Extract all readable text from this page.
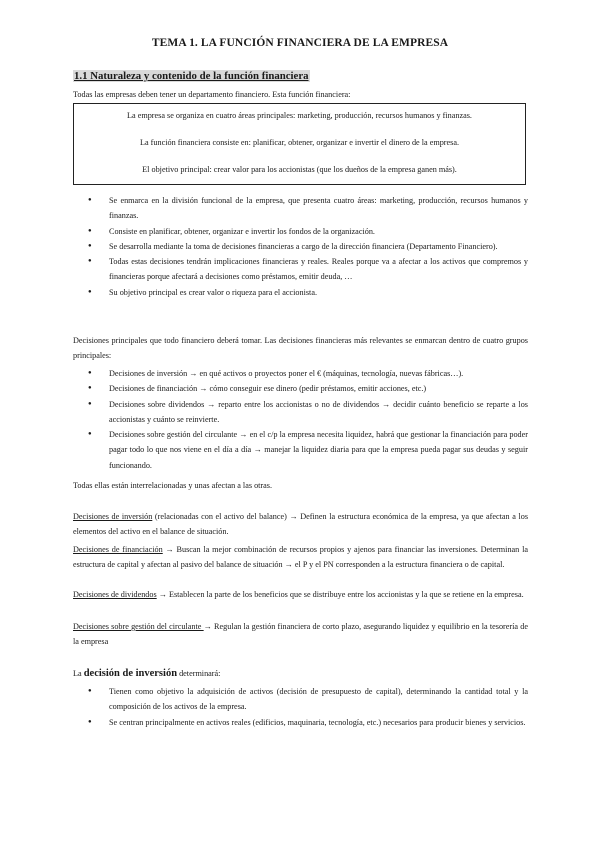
TEMA 1. LA FUNCIÓN FINANCIERA DE LA EMPRESA
1.1 Naturaleza y contenido de la función financiera
Todas las empresas deben tener un departamento financiero. Esta función financiera:
La empresa se organiza en cuatro áreas principales: marketing, producción, recursos humanos y finanzas.
La función financiera consiste en: planificar, obtener, organizar e invertir el dinero de la empresa.
El objetivo principal: crear valor para los accionistas (que los dueños de la empresa ganen más).
● Se enmarca en la división funcional de la empresa, que presenta cuatro áreas: marketing, producción, recursos humanos y finanzas.
● Consiste en planificar, obtener, organizar e invertir los fondos de la organización.
● Se desarrolla mediante la toma de decisiones financieras a cargo de la dirección financiera (Departamento Financiero).
● Todas estas decisiones tendrán implicaciones financieras y reales. Reales porque va a afectar a los activos que compremos y financieras porque afectará a decisiones como préstamos, emitir deuda, …
● Su objetivo principal es crear valor o riqueza para el accionista.
Decisiones principales que todo financiero deberá tomar. Las decisiones financieras más relevantes se enmarcan dentro de cuatro grupos principales:
● Decisiones de inversión → en qué activos o proyectos poner el € (máquinas, tecnología, nuevas fábricas…).
● Decisiones de financiación → cómo conseguir ese dinero (pedir préstamos, emitir acciones, etc.)
● Decisiones sobre dividendos → reparto entre los accionistas o no de dividendos → decidir cuánto beneficio se reparte a los accionistas y cuánto se reinvierte.
● Decisiones sobre gestión del circulante → en el c/p la empresa necesita liquidez, habrá que gestionar la financiación para poder pagar todo lo que nos viene en el día a día → manejar la liquidez diaria para que la empresa pueda pagar sus deudas y seguir funcionando.
Todas ellas están interrelacionadas y unas afectan a las otras.
Decisiones de inversión (relacionadas con el activo del balance) → Definen la estructura económica de la empresa, ya que afectan a los elementos del activo en el balance de situación.
Decisiones de financiación → Buscan la mejor combinación de recursos propios y ajenos para financiar las inversiones. Determinan la estructura de capital y afectan al pasivo del balance de situación → el P y el PN corresponden a la estructura financiera o de capital.
Decisiones de dividendos → Establecen la parte de los beneficios que se distribuye entre los accionistas y la que se retiene en la empresa.
Decisiones sobre gestión del circulante → Regulan la gestión financiera de corto plazo, asegurando liquidez y equilibrio en la tesorería de la empresa
La decisión de inversión determinará:
● Tienen como objetivo la adquisición de activos (decisión de presupuesto de capital), determinando la cantidad total y la composición de los activos de la empresa.
● Se centran principalmente en activos reales (edificios, maquinaria, tecnología, etc.) necesarios para producir bienes y servicios.
